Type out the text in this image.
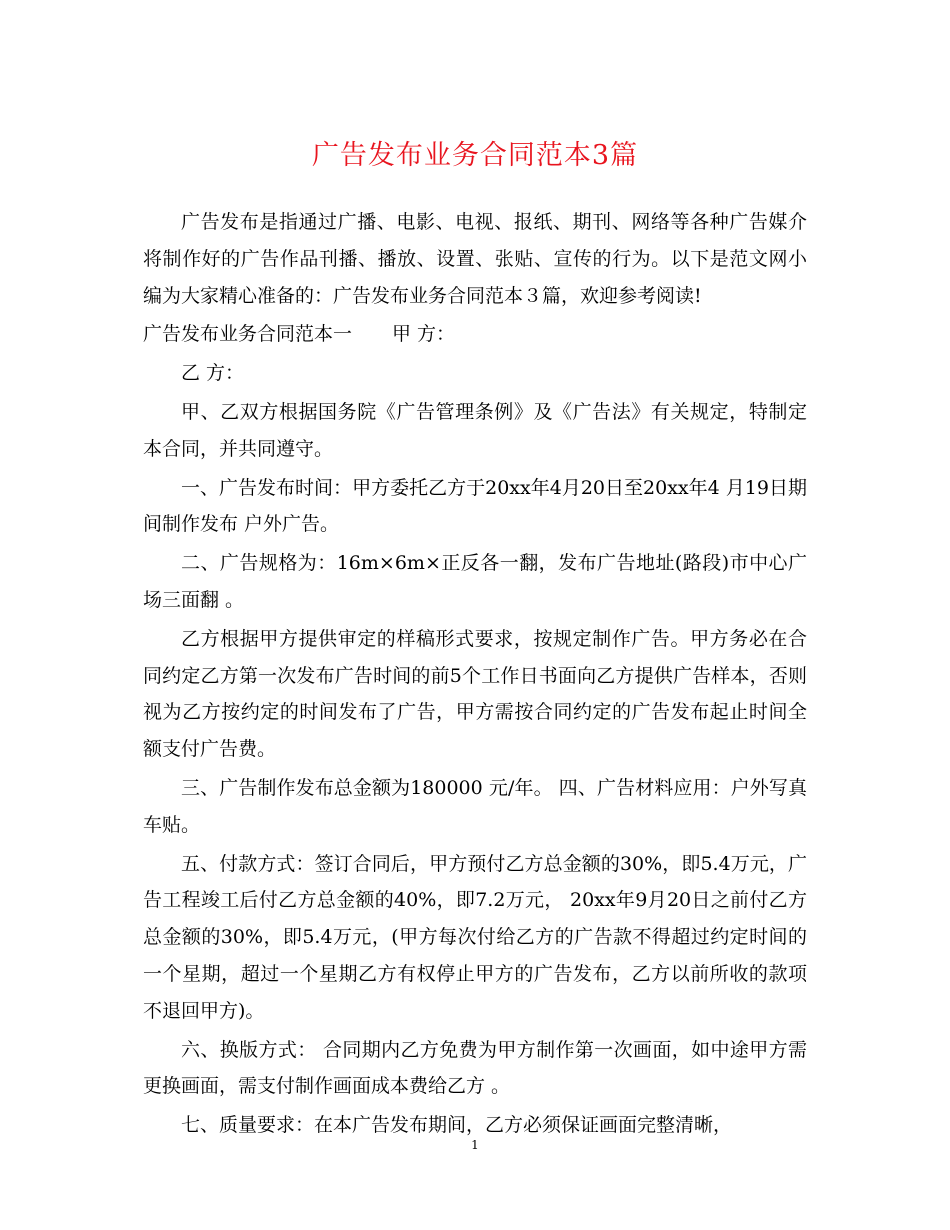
广告发布业务合同范本3篇

广告发布是指通过广播、电影、电视、报纸、期刊、网络等各种广告媒介将制作好的广告作品刊播、播放、设置、张贴、宣传的行为。以下是范文网小编为大家精心准备的：广告发布业务合同范本３篇，欢迎参考阅读!

广告发布业务合同范本一 甲 方：

乙 方：

甲、乙双方根据国务院《广告管理条例》及《广告法》有关规定，特制定本合同，并共同遵守。

一、广告发布时间：甲方委托乙方于20xx年4月20日至20xx年4 月19日期间制作发布 户外广告。

二、广告规格为：16m×6m×正反各一翻，发布广告地址(路段)市中心广场三面翻 。

乙方根据甲方提供审定的样稿形式要求，按规定制作广告。甲方务必在合同约定乙方第一次发布广告时间的前5个工作日书面向乙方提供广告样本，否则视为乙方按约定的时间发布了广告，甲方需按合同约定的广告发布起止时间全额支付广告费。

三、广告制作发布总金额为180000 元/年。 四、广告材料应用：户外写真车贴。

五、付款方式：签订合同后，甲方预付乙方总金额的30%，即5.4万元，广告工程竣工后付乙方总金额的40%，即7.2万元， 20xx年9月20日之前付乙方总金额的30%，即5.4万元，(甲方每次付给乙方的广告款不得超过约定时间的一个星期，超过一个星期乙方有权停止甲方的广告发布，乙方以前所收的款项不退回甲方)。

六、换版方式： 合同期内乙方免费为甲方制作第一次画面，如中途甲方需更换画面，需支付制作画面成本费给乙方 。

七、质量要求：在本广告发布期间，乙方必须保证画面完整清晰，

1
